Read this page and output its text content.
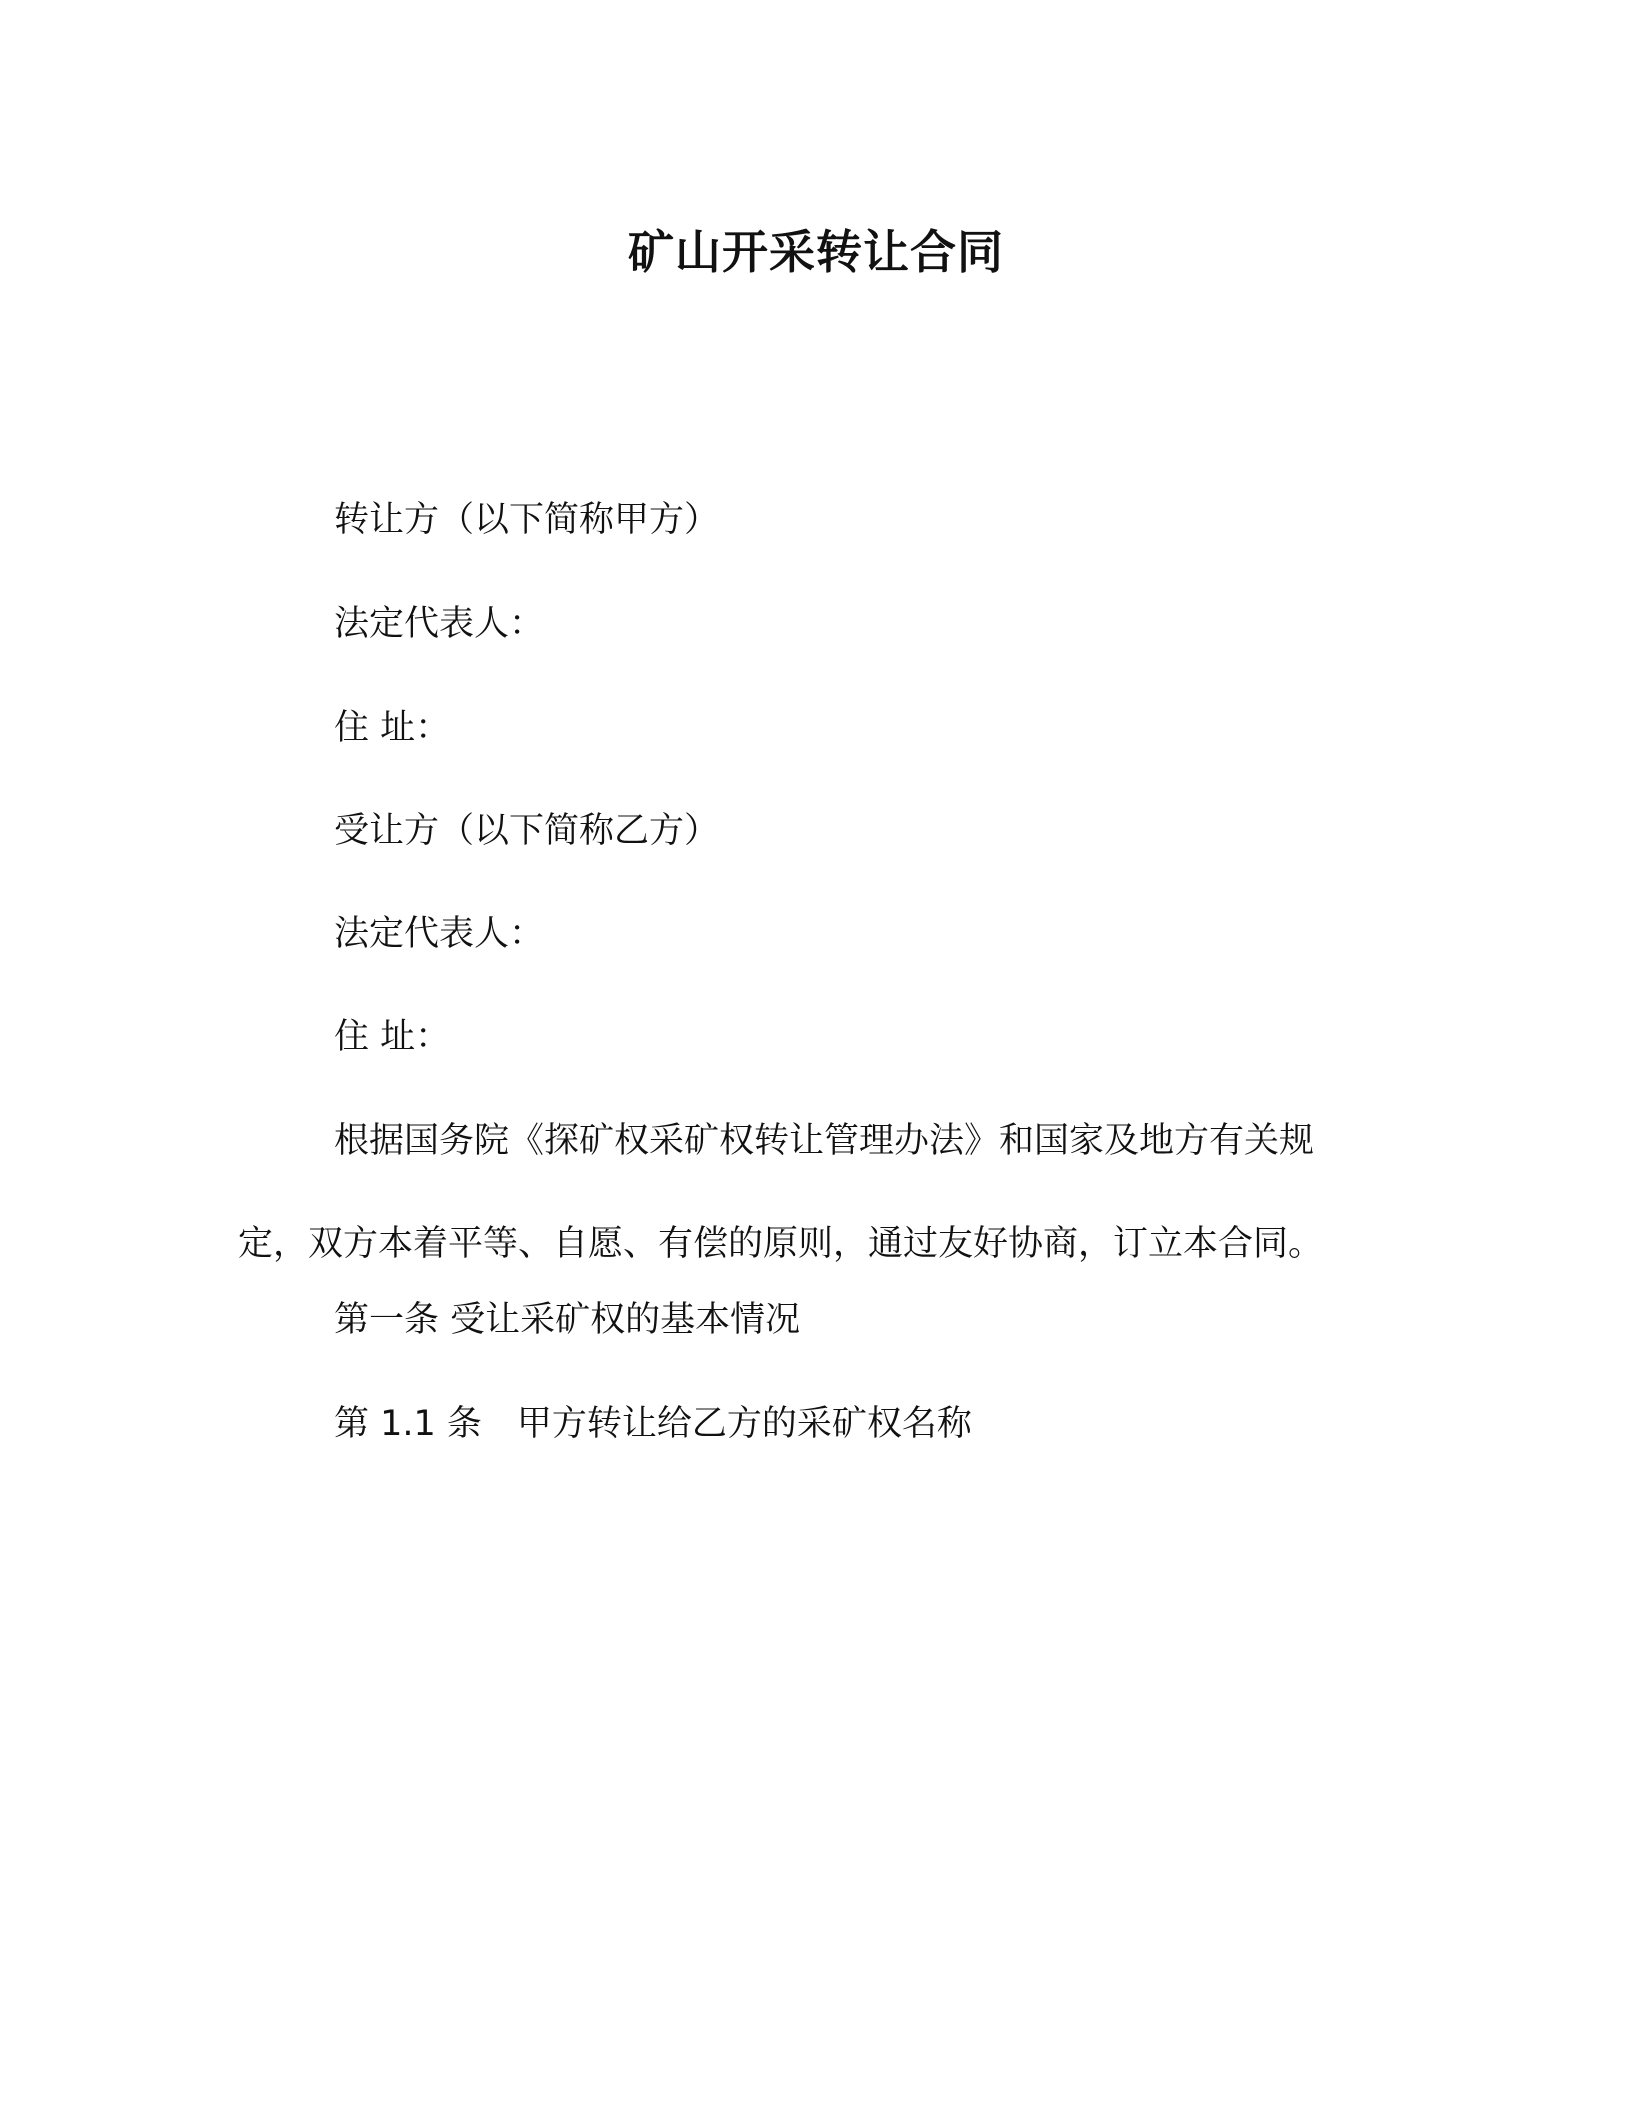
矿山开采转让合同
转让方（以下简称甲方）
法定代表人：
住 址：
受让方（以下简称乙方）
法定代表人：
住 址：
根据国务院《探矿权采矿权转让管理办法》和国家及地方有关规定，双方本着平等、自愿、有偿的原则，通过友好协商，订立本合同。
第一条 受让采矿权的基本情况
第 1.1 条　甲方转让给乙方的采矿权名称
